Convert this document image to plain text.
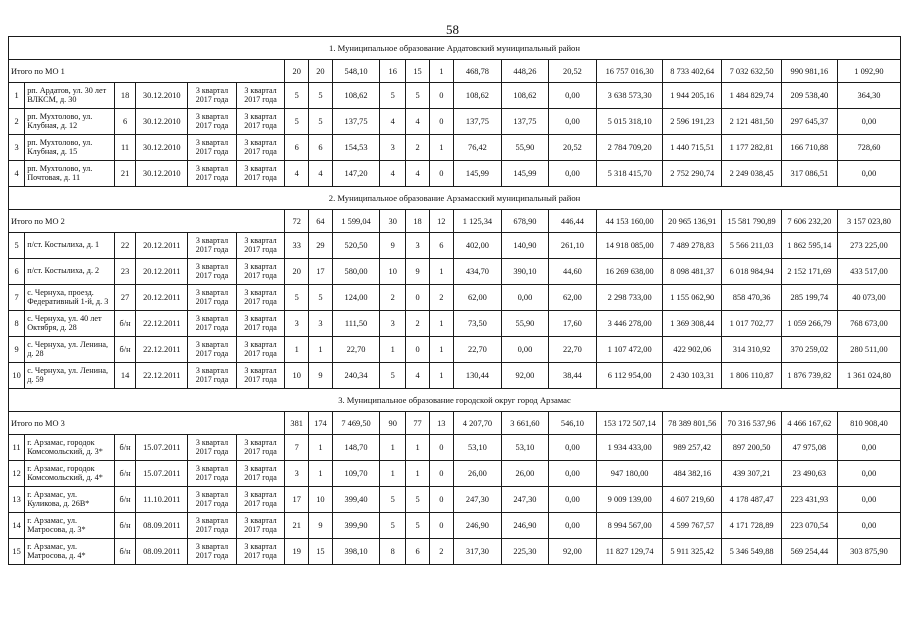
58
1. Муниципальное образование Ардатовский муниципальный район																			
Итого по МО 1						20	20	548,10	16	15	1	468,78	448,26	20,52	16 757 016,30	8 733 402,64	7 032 632,50	990 981,16	1 092,90
1	рп. Ардатов, ул. 30 лет ВЛКСМ, д. 30	18	30.12.2010	3 квартал 2017 года	3 квартал 2017 года	5	5	108,62	5	5	0	108,62	108,62	0,00	3 638 573,30	1 944 205,16	1 484 829,74	209 538,40	364,30
2	рп. Мухтолово, ул. Клубная, д. 12	6	30.12.2010	3 квартал 2017 года	3 квартал 2017 года	5	5	137,75	4	4	0	137,75	137,75	0,00	5 015 318,10	2 596 191,23	2 121 481,50	297 645,37	0,00
3	рп. Мухтолово, ул. Клубная, д. 15	11	30.12.2010	3 квартал 2017 года	3 квартал 2017 года	6	6	154,53	3	2	1	76,42	55,90	20,52	2 784 709,20	1 440 715,51	1 177 282,81	166 710,88	728,60
4	рп. Мухтолово, ул. Почтовая, д. 11	21	30.12.2010	3 квартал 2017 года	3 квартал 2017 года	4	4	147,20	4	4	0	145,99	145,99	0,00	5 318 415,70	2 752 290,74	2 249 038,45	317 086,51	0,00
2. Муниципальное образование Арзамасский муниципальный район																			
Итого по МО 2						72	64	1 599,04	30	18	12	1 125,34	678,90	446,44	44 153 160,00	20 965 136,91	15 581 790,89	7 606 232,20	3 157 023,80
5	п/ст. Костылиха, д. 1	22	20.12.2011	3 квартал 2017 года	3 квартал 2017 года	33	29	520,50	9	3	6	402,00	140,90	261,10	14 918 085,00	7 489 278,83	5 566 211,03	1 862 595,14	273 225,00
6	п/ст. Костылиха, д. 2	23	20.12.2011	3 квартал 2017 года	3 квартал 2017 года	20	17	580,00	10	9	1	434,70	390,10	44,60	16 269 638,00	8 098 481,37	6 018 984,94	2 152 171,69	433 517,00
7	с. Чернуха, проезд. Федеративный 1-й, д. 3	27	20.12.2011	3 квартал 2017 года	3 квартал 2017 года	5	5	124,00	2	0	2	62,00	0,00	62,00	2 298 733,00	1 155 062,90	858 470,36	285 199,74	40 073,00
8	с. Чернуха, ул. 40 лет Октября, д. 28	б/н	22.12.2011	3 квартал 2017 года	3 квартал 2017 года	3	3	111,50	3	2	1	73,50	55,90	17,60	3 446 278,00	1 369 308,44	1 017 702,77	1 059 266,79	768 673,00
9	с. Чернуха, ул. Ленина, д. 28	б/н	22.12.2011	3 квартал 2017 года	3 квартал 2017 года	1	1	22,70	1	0	1	22,70	0,00	22,70	1 107 472,00	422 902,06	314 310,92	370 259,02	280 511,00
10	с. Чернуха, ул. Ленина, д. 59	14	22.12.2011	3 квартал 2017 года	3 квартал 2017 года	10	9	240,34	5	4	1	130,44	92,00	38,44	6 112 954,00	2 430 103,31	1 806 110,87	1 876 739,82	1 361 024,80
3. Муниципальное образование городской округ город Арзамас																			
Итого по МО 3						381	174	7 469,50	90	77	13	4 207,70	3 661,60	546,10	153 172 507,14	78 389 801,56	70 316 537,96	4 466 167,62	810 908,40
11	г. Арзамас, городок Комсомольский, д. 3*	б/н	15.07.2011	3 квартал 2017 года	3 квартал 2017 года	7	1	148,70	1	1	0	53,10	53,10	0,00	1 934 433,00	989 257,42	897 200,50	47 975,08	0,00
12	г. Арзамас, городок Комсомольский, д. 4*	б/н	15.07.2011	3 квартал 2017 года	3 квартал 2017 года	3	1	109,70	1	1	0	26,00	26,00	0,00	947 180,00	484 382,16	439 307,21	23 490,63	0,00
13	г. Арзамас, ул. Куликова, д. 26В*	б/н	11.10.2011	3 квартал 2017 года	3 квартал 2017 года	17	10	399,40	5	5	0	247,30	247,30	0,00	9 009 139,00	4 607 219,60	4 178 487,47	223 431,93	0,00
14	г. Арзамас, ул. Матросова, д. 3*	б/н	08.09.2011	3 квартал 2017 года	3 квартал 2017 года	21	9	399,90	5	5	0	246,90	246,90	0,00	8 994 567,00	4 599 767,57	4 171 728,89	223 070,54	0,00
15	г. Арзамас, ул. Матросова, д. 4*	б/н	08.09.2011	3 квартал 2017 года	3 квартал 2017 года	19	15	398,10	8	6	2	317,30	225,30	92,00	11 827 129,74	5 911 325,42	5 346 549,88	569 254,44	303 875,90
